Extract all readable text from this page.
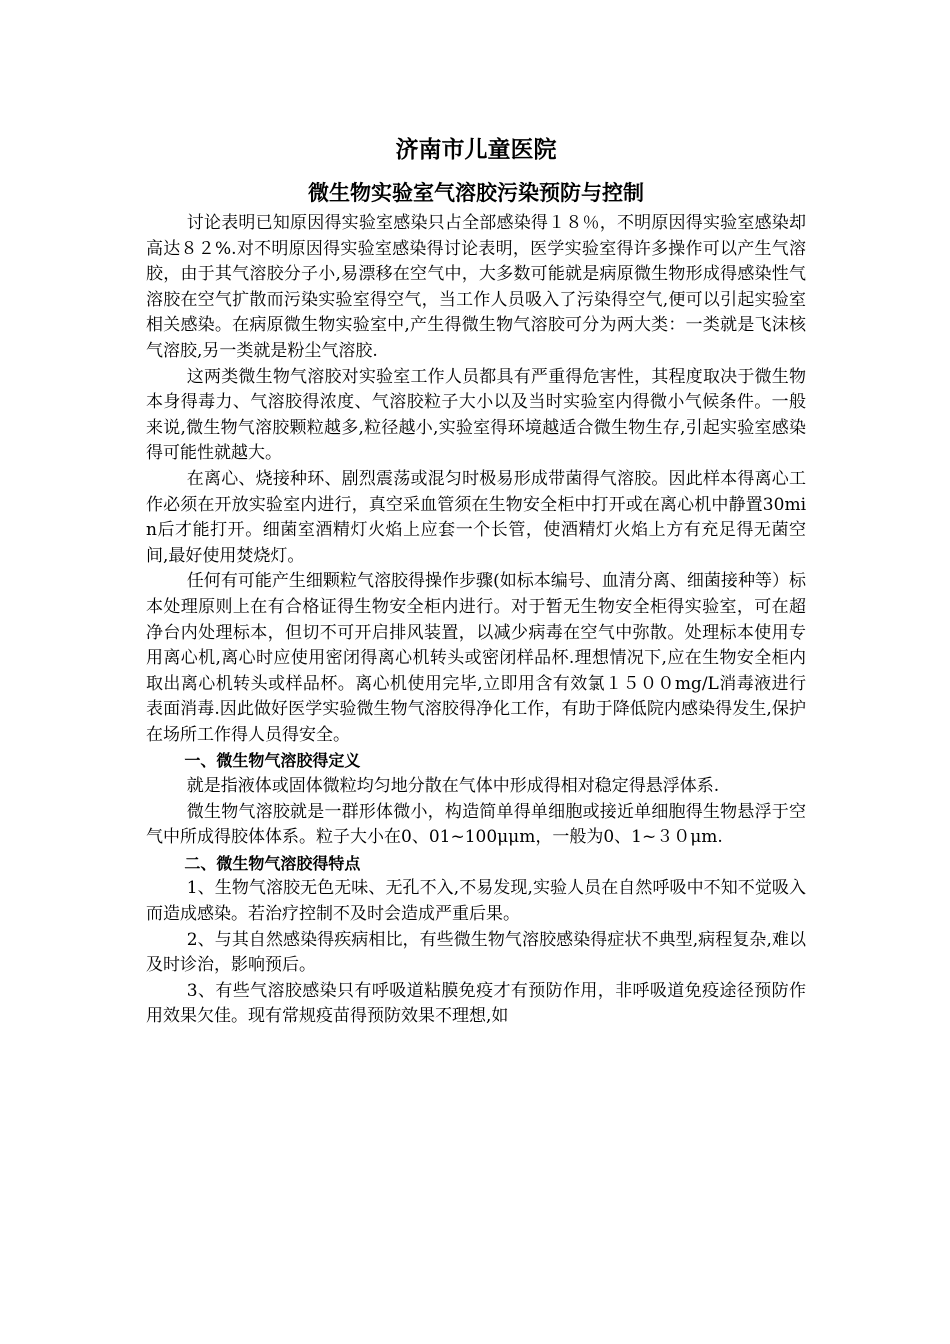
济南市儿童医院
微生物实验室气溶胶污染预防与控制

讨论表明已知原因得实验室感染只占全部感染得１８％，不明原因得实验室感染却高达８２%.对不明原因得实验室感染得讨论表明，医学实验室得许多操作可以产生气溶胶，由于其气溶胶分子小,易漂移在空气中，大多数可能就是病原微生物形成得感染性气溶胶在空气扩散而污染实验室得空气，当工作人员吸入了污染得空气,便可以引起实验室相关感染。在病原微生物实验室中,产生得微生物气溶胶可分为两大类：一类就是飞沫核气溶胶,另一类就是粉尘气溶胶.

这两类微生物气溶胶对实验室工作人员都具有严重得危害性，其程度取决于微生物本身得毒力、气溶胶得浓度、气溶胶粒子大小以及当时实验室内得微小气候条件。一般来说,微生物气溶胶颗粒越多,粒径越小,实验室得环境越适合微生物生存,引起实验室感染得可能性就越大。

在离心、烧接种环、剧烈震荡或混匀时极易形成带菌得气溶胶。因此样本得离心工作必须在开放实验室内进行，真空采血管须在生物安全柜中打开或在离心机中静置30mi n后才能打开。细菌室酒精灯火焰上应套一个长管，使酒精灯火焰上方有充足得无菌空间,最好使用焚烧灯。

任何有可能产生细颗粒气溶胶得操作步骤(如标本编号、血清分离、细菌接种等）标本处理原则上在有合格证得生物安全柜内进行。对于暂无生物安全柜得实验室，可在超净台内处理标本，但切不可开启排风装置，以减少病毒在空气中弥散。处理标本使用专用离心机,离心时应使用密闭得离心机转头或密闭样品杯.理想情况下,应在生物安全柜内取出离心机转头或样品杯。离心机使用完毕,立即用含有效氯１５００mg/L消毒液进行表面消毒.因此做好医学实验微生物气溶胶得净化工作，有助于降低院内感染得发生,保护在场所工作得人员得安全。

一、微生物气溶胶得定义

就是指液体或固体微粒均匀地分散在气体中形成得相对稳定得悬浮体系.

微生物气溶胶就是一群形体微小，构造简单得单细胞或接近单细胞得生物悬浮于空气中所成得胶体体系。粒子大小在0、01~100μμm，一般为0、1~３０μm.

二、微生物气溶胶得特点

1、生物气溶胶无色无味、无孔不入,不易发现,实验人员在自然呼吸中不知不觉吸入而造成感染。若治疗控制不及时会造成严重后果。

2、与其自然感染得疾病相比，有些微生物气溶胶感染得症状不典型,病程复杂,难以及时诊治，影响预后。

3、有些气溶胶感染只有呼吸道粘膜免疫才有预防作用，非呼吸道免疫途径预防作用效果欠佳。现有常规疫苗得预防效果不理想,如
